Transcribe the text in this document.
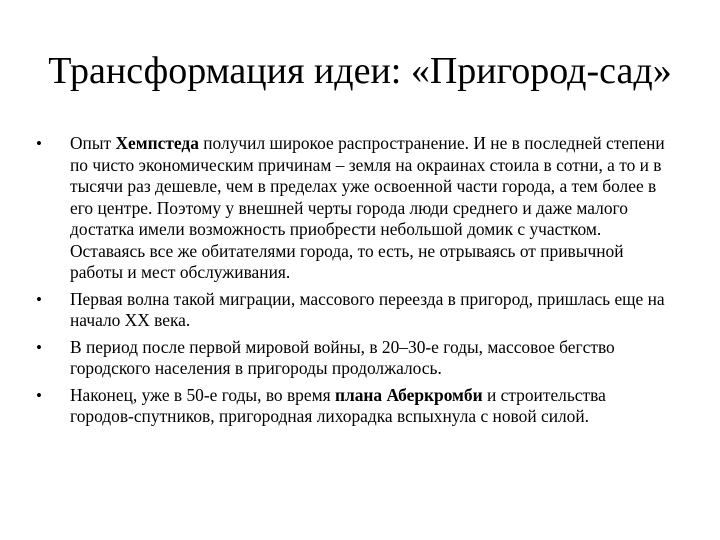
Трансформация идеи: «Пригород-сад»
•	Опыт Хемпстеда получил широкое распространение. И не в последней степени по чисто экономическим причинам – земля на окраинах стоила в сотни, а то и в тысячи раз дешевле, чем в пределах уже освоенной части города, а тем более в его центре. Поэтому у внешней черты города люди среднего и даже малого достатка имели возможность приобрести небольшой домик с участком. Оставаясь все же обитателями города, то есть, не отрываясь от привычной работы и мест обслуживания.
•	Первая волна такой миграции, массового переезда в пригород, пришлась еще на начало XX века.
•	В период после первой мировой войны, в 20–30-е годы, массовое бегство городского населения в пригороды продолжалось.
•	Наконец, уже в 50-е годы, во время плана Аберкромби и строительства городов-спутников, пригородная лихорадка вспыхнула с новой силой.
